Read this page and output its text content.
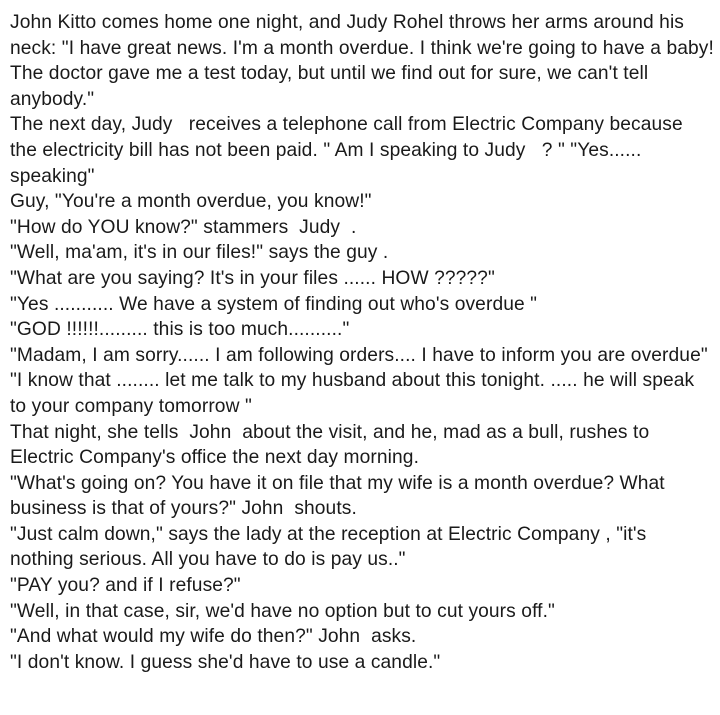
John Kitto comes home one night, and Judy Rohel throws her arms around his neck: "I have great news. I'm a month overdue. I think we're going to have a baby! The doctor gave me a test today, but until we find out for sure, we can't tell anybody."

The next day, Judy   receives a telephone call from Electric Company because the electricity bill has not been paid. " Am I speaking to Judy   ? " "Yes...... speaking"

Guy, "You're a month overdue, you know!"

"How do YOU know?" stammers  Judy  .

"Well, ma'am, it's in our files!" says the guy .

"What are you saying? It's in your files ...... HOW ?????"

"Yes ........... We have a system of finding out who's overdue "

"GOD !!!!!!......... this is too much.........."

"Madam, I am sorry...... I am following orders.... I have to inform you are overdue"

"I know that ........ let me talk to my husband about this tonight. ..... he will speak to your company tomorrow "

That night, she tells  John  about the visit, and he, mad as a bull, rushes to Electric Company's office the next day morning.

"What's going on? You have it on file that my wife is a month overdue? What business is that of yours?" John  shouts.

"Just calm down," says the lady at the reception at Electric Company , "it's nothing serious. All you have to do is pay us.."

"PAY you? and if I refuse?"

"Well, in that case, sir, we'd have no option but to cut yours off."

"And what would my wife do then?" John  asks.

"I don't know. I guess she'd have to use a candle."
